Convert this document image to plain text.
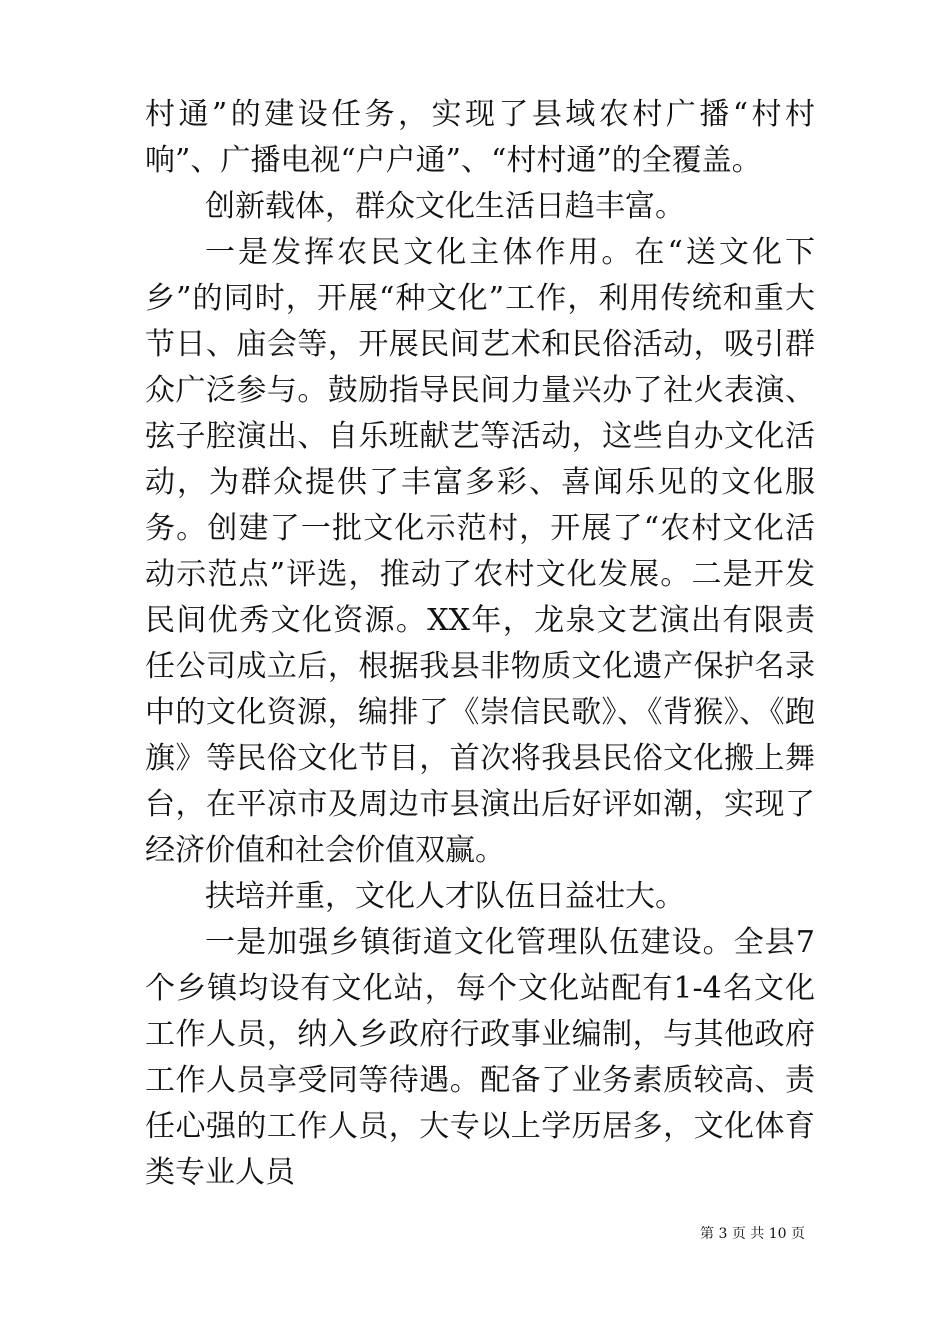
村通”的建设任务，实现了县域农村广播“村村响”、广播电视“户户通”、“村村通”的全覆盖。

创新载体，群众文化生活日趋丰富。

一是发挥农民文化主体作用。在“送文化下乡”的同时，开展“种文化”工作，利用传统和重大节日、庙会等，开展民间艺术和民俗活动，吸引群众广泛参与。鼓励指导民间力量兴办了社火表演、弦子腔演出、自乐班献艺等活动，这些自办文化活动，为群众提供了丰富多彩、喜闻乐见的文化服务。创建了一批文化示范村，开展了“农村文化活动示范点”评选，推动了农村文化发展。二是开发民间优秀文化资源。XX年，龙泉文艺演出有限责任公司成立后，根据我县非物质文化遗产保护名录中的文化资源，编排了《崇信民歌》、《背猴》、《跑旗》等民俗文化节目，首次将我县民俗文化搬上舞台，在平凉市及周边市县演出后好评如潮，实现了经济价值和社会价值双赢。

扶培并重，文化人才队伍日益壮大。

一是加强乡镇街道文化管理队伍建设。全县7个乡镇均设有文化站，每个文化站配有1-4名文化工作人员，纳入乡政府行政事业编制，与其他政府工作人员享受同等待遇。配备了业务素质较高、责任心强的工作人员，大专以上学历居多，文化体育类专业人员

第 3 页 共 10 页
